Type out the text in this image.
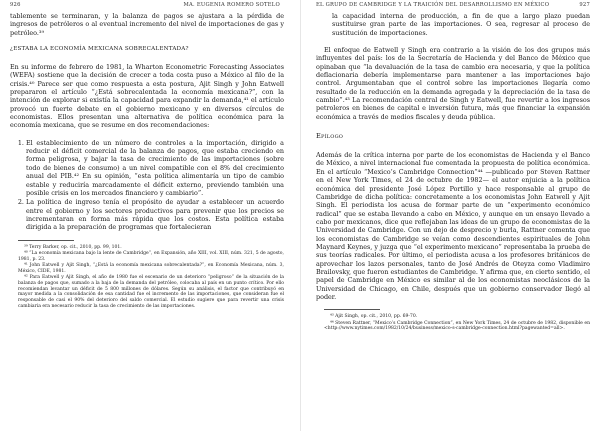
926	MA. EUGENIA ROMERO SOTELO

tablemente se terminaran, y la balanza de pagos se ajustara a la pérdida de ingresos de petróleros o al eventual incremento del nivel de importaciones de gas y petróleo.³⁹

¿ESTABA LA ECONOMÍA MEXICANA SOBRECALENTADA?

En su informe de febrero de 1981, la Wharton Econometric Forecasting Associates (WEFA) sostiene que la decisión de crecer a toda costa puso a México al filo de la crisis.⁴⁰ Parece ser que como respuesta a esta postura, Ajit Singh y John Eatwell prepararon el artículo “¿Está sobrecalentada la economía mexicana?”, con la intención de explorar si existía la capacidad para expandir la demanda,⁴¹ el artículo provocó un fuerte debate en el gobierno mexicano y en diversos círculos de economistas. Ellos presentan una alternativa de política económica para la economía mexicana, que se resume en dos recomendaciones:

1. El establecimiento de un número de controles a la importación, dirigido a reducir el déficit comercial de la balanza de pagos, que estaba creciendo en forma peligrosa, y bajar la tasa de crecimiento de las importaciones (sobre todo de bienes de consumo) a un nivel compatible con el 8% del crecimiento anual del PIB.⁴² En su opinión, “esta política alimentaría un tipo de cambio estable y reduciría marcadamente el déficit externo, previendo también una posible crisis en los mercados financiero y cambiario”.
2. La política de ingreso tenía el propósito de ayudar a establecer un acuerdo entre el gobierno y los sectores productivos para prevenir que los precios se incrementaran en forma más rápida que los costos. Esta política estaba dirigida a la preparación de programas que fortalecieran

³⁹ Terry Barker, op. cit., 2010, pp. 99, 101.

⁴⁰ “La economía mexicana bajo la lente de Cambridge”, en Expansión, año XIII, vol. XIII, núm. 321, 5 de agosto, 1981, p. 23.

⁴¹ John Eatwell y Ajit Singh, “¿Está la economía mexicana sobrecalentada?”, en Economía Mexicana, núm. 3, México, CIDE, 1981.

⁴² Para Eatwell y Ajit Singh, el año de 1980 fue el escenario de un deterioro “peligroso” de la situación de la balanza de pagos que, sumado a la baja de la demanda del petróleo, colocaba al país en un punto crítico. Por ello recomiendan levantar un déficit de 5 800 millones de dólares. Según su análisis, el factor que contribuyó en mayor medida a la consolidación de esa cantidad fue el incremento de las importaciones, que consideran fue el responsable de casi el 90% del deterioro del saldo comercial. El estudio sugiere que para revertir una crisis cambiaria era necesario reducir la tasa de crecimiento de las importaciones.

EL GRUPO DE CAMBRIDGE Y LA TRAICIÓN DEL DESARROLLISMO EN MÉXICO	927

la capacidad interna de producción, a fin de que a largo plazo puedan sustituirse gran parte de las importaciones. O sea, regresar al proceso de sustitución de importaciones.

El enfoque de Eatwell y Singh era contrario a la visión de los dos grupos más influyentes del país: los de la Secretaría de Hacienda y del Banco de México que opinaban que “la devaluación de la tasa de cambio era necesaria, y que la política deflacionaria debería implementarse para mantener a las importaciones bajo control. Argumentaban que el control sobre las importaciones llegaría como resultado de la reducción en la demanda agregada y la depreciación de la tasa de cambio”.⁴³ La recomendación central de Singh y Eatwell, fue revertir a los ingresos petroleros en bienes de capital e inversión futura, más que financiar la expansión económica a través de medios fiscales y deuda pública.

Epílogo

Además de la crítica interna por parte de los economistas de Hacienda y el Banco de México, a nivel internacional fue comentada la propuesta de política económica. En el artículo “Mexico’s Cambridge Connection”⁴⁴ —publicado por Steven Rattner en el New York Times, el 24 de octubre de 1982— el autor enjuicia a la política económica del presidente José López Portillo y hace responsable al grupo de Cambridge de dicha política: concretamente a los economistas John Eatwell y Ajit Singh. El periodista los acusa de formar parte de un “experimento económico radical” que se estaba llevando a cabo en México, y aunque en un ensayo llevado a cabo por mexicanos, dice que reflejaban las ideas de un grupo de economistas de la Universidad de Cambridge. Con un dejo de desprecio y burla, Rattner comenta que los economistas de Cambridge se veían como descendientes espirituales de John Maynard Keynes, y juzga que “el experimento mexicano” representaba la prueba de sus teorías radicales. Por último, el periodista acusa a los profesores británicos de aprovechar los lazos personales, tanto de José Andrés de Oteyza como Vladimiro Brailovsky, que fueron estudiantes de Cambridge. Y afirma que, en cierto sentido, el papel de Cambridge en México es similar al de los economistas neoclásicos de la Universidad de Chicago, en Chile, después que un gobierno conservador llegó al poder.

⁴³ Ajit Singh, op. cit., 2010, pp. 69-70.

⁴⁴ Steven Rattner, “Mexico’s Cambridge Connection”, en New York Times, 24 de octubre de 1982, disponible en <http://www.nytimes.com/1982/10/24/business/mexico-s-cambridge-connection.html?pagewanted=all>.
